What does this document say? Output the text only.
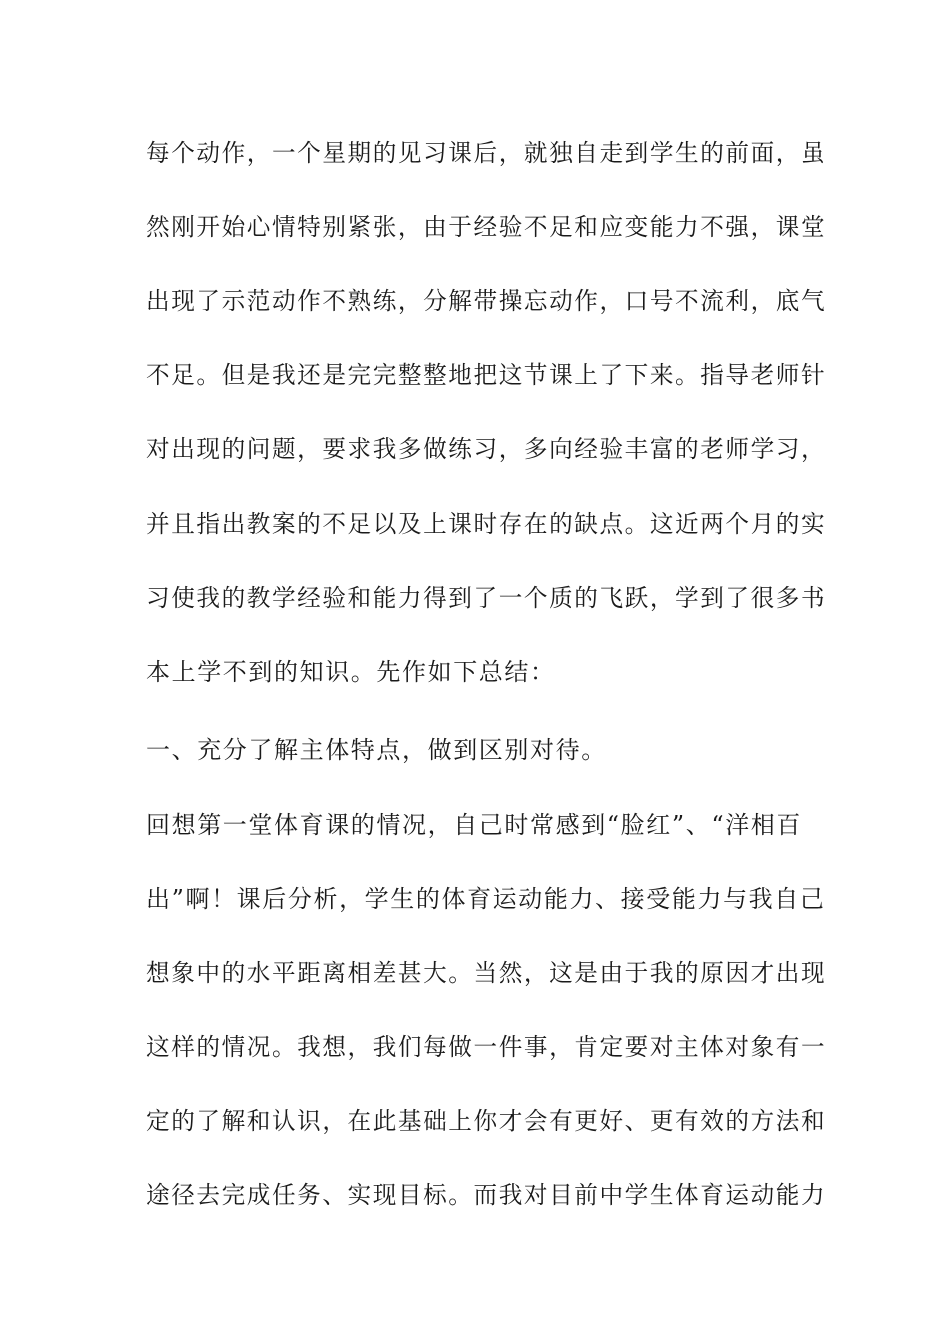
每个动作，一个星期的见习课后，就独自走到学生的前面，虽
然刚开始心情特别紧张，由于经验不足和应变能力不强，课堂
出现了示范动作不熟练，分解带操忘动作，口号不流利，底气
不足。但是我还是完完整整地把这节课上了下来。指导老师针
对出现的问题，要求我多做练习，多向经验丰富的老师学习，
并且指出教案的不足以及上课时存在的缺点。这近两个月的实
习使我的教学经验和能力得到了一个质的飞跃，学到了很多书
本上学不到的知识。先作如下总结：
一、充分了解主体特点，做到区别对待。
回想第一堂体育课的情况，自己时常感到“脸红”、“洋相百
出”啊！课后分析，学生的体育运动能力、接受能力与我自己
想象中的水平距离相差甚大。当然，这是由于我的原因才出现
这样的情况。我想，我们每做一件事，肯定要对主体对象有一
定的了解和认识，在此基础上你才会有更好、更有效的方法和
途径去完成任务、实现目标。而我对目前中学生体育运动能力
